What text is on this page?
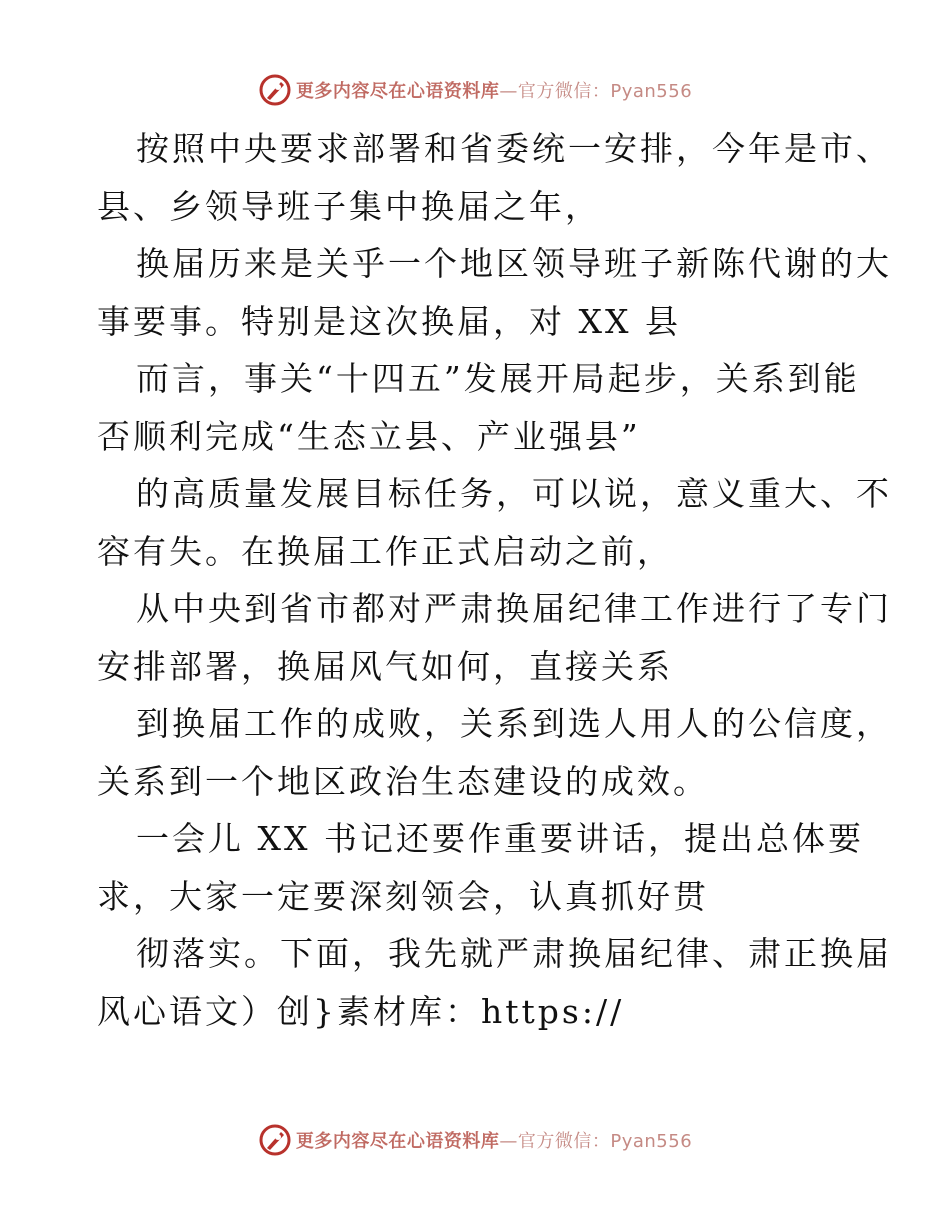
更多内容尽在心语资料库—官方微信：Pyan556

按照中央要求部署和省委统一安排，今年是市、
县、乡领导班子集中换届之年，

换届历来是关乎一个地区领导班子新陈代谢的大
事要事。特别是这次换届，对 XX 县

而言，事关“十四五”发展开局起步，关系到能
否顺利完成“生态立县、产业强县”

的高质量发展目标任务，可以说，意义重大、不
容有失。在换届工作正式启动之前，

从中央到省市都对严肃换届纪律工作进行了专门
安排部署，换届风气如何，直接关系

到换届工作的成败，关系到选人用人的公信度，
关系到一个地区政治生态建设的成效。

一会儿 XX 书记还要作重要讲话，提出总体要
求，大家一定要深刻领会，认真抓好贯

彻落实。下面，我先就严肃换届纪律、肃正换届
风心语文）创}素材库：https://

更多内容尽在心语资料库—官方微信：Pyan556
